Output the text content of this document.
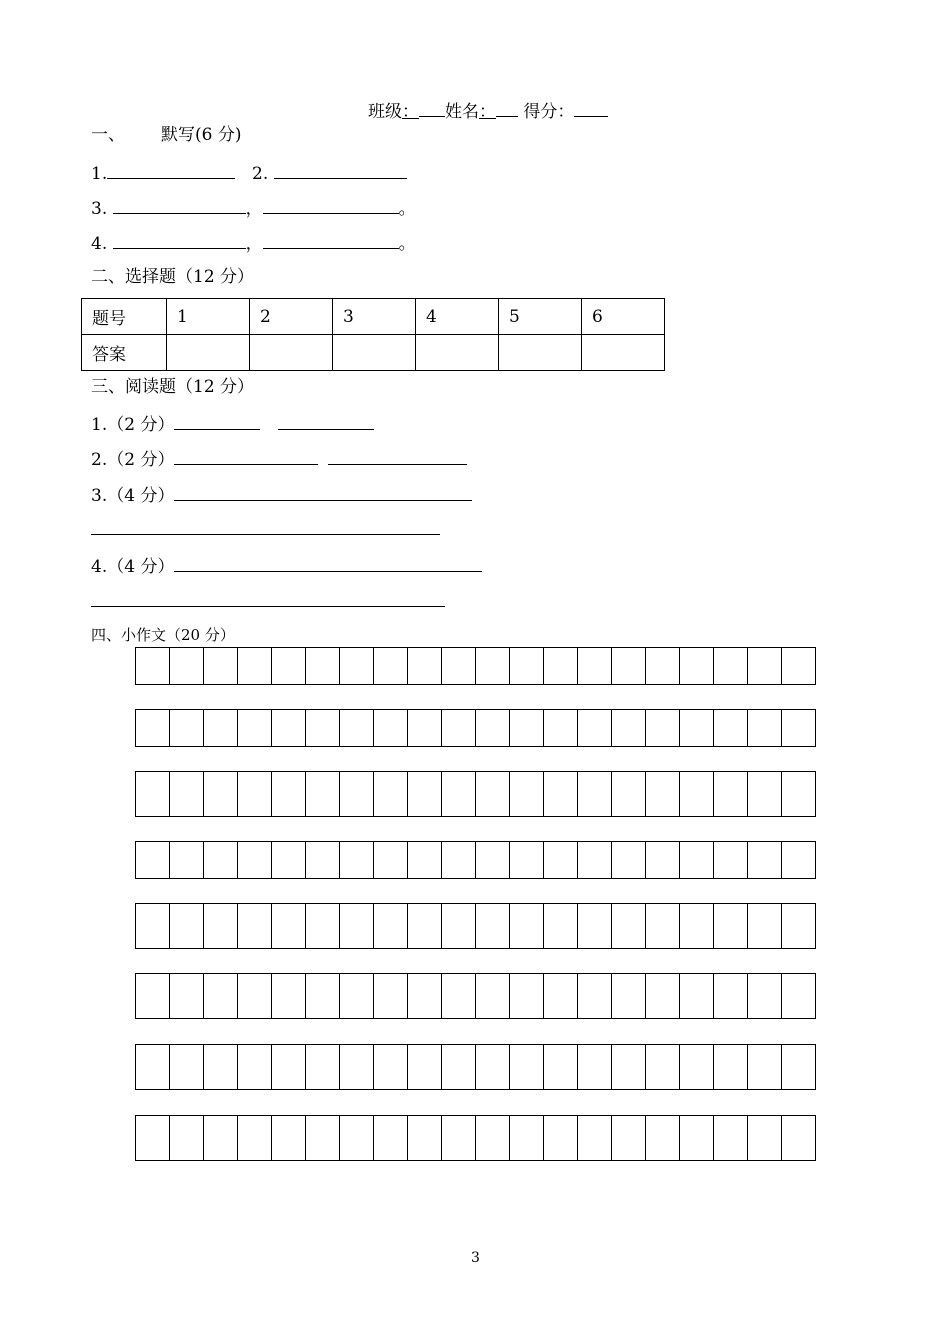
班级： 姓名： 得分：
一、 默写(6 分)
1.	2.
3.	，	。
4.	，	。
二、选择题（12 分）
题号	1	2	3	4	5	6
答案						
三、阅读题（12 分）
1.（2 分）
2.（2 分）
3.（4 分）
4.（4 分）
四、小作文（20 分）
3
